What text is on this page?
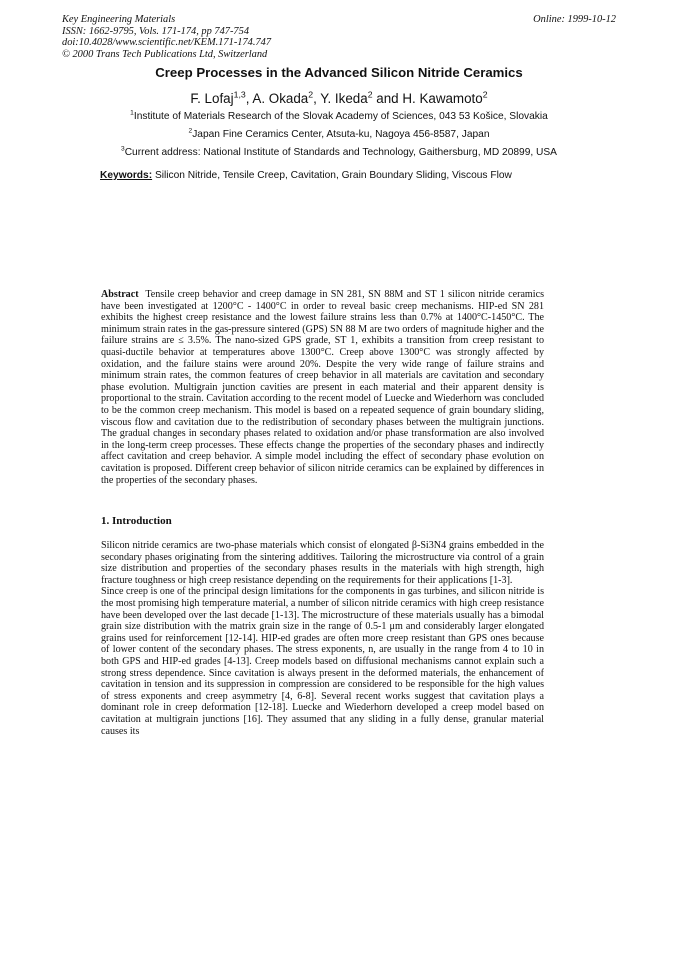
Key Engineering Materials
ISSN: 1662-9795, Vols. 171-174, pp 747-754
doi:10.4028/www.scientific.net/KEM.171-174.747
© 2000 Trans Tech Publications Ltd, Switzerland
Online: 1999-10-12
Creep Processes in the Advanced Silicon Nitride Ceramics
F. Lofaj$^{1,3}$, A. Okada$^2$, Y. Ikeda$^2$ and H. Kawamoto$^2$
$^1$Institute of Materials Research of the Slovak Academy of Sciences, 043 53 Košice, Slovakia
$^2$Japan Fine Ceramics Center, Atsuta-ku, Nagoya 456-8587, Japan
$^3$Current address: National Institute of Standards and Technology, Gaithersburg, MD 20899, USA
Keywords: Silicon Nitride, Tensile Creep, Cavitation, Grain Boundary Sliding, Viscous Flow
Abstract Tensile creep behavior and creep damage in SN 281, SN 88M and ST 1 silicon nitride ceramics have been investigated at 1200°C - 1400°C in order to reveal basic creep mechanisms. HIP-ed SN 281 exhibits the highest creep resistance and the lowest failure strains less than 0.7% at 1400°C-1450°C. The minimum strain rates in the gas-pressure sintered (GPS) SN 88 M are two orders of magnitude higher and the failure strains are ≤ 3.5%. The nano-sized GPS grade, ST 1, exhibits a transition from creep resistant to quasi-ductile behavior at temperatures above 1300°C. Creep above 1300°C was strongly affected by oxidation, and the failure stains were around 20%. Despite the very wide range of failure strains and minimum strain rates, the common features of creep behavior in all materials are cavitation and secondary phase evolution. Multigrain junction cavities are present in each material and their apparent density is proportional to the strain. Cavitation according to the recent model of Luecke and Wiederhorn was concluded to be the common creep mechanism. This model is based on a repeated sequence of grain boundary sliding, viscous flow and cavitation due to the redistribution of secondary phases between the multigrain junctions. The gradual changes in secondary phases related to oxidation and/or phase transformation are also involved in the long-term creep processes. These effects change the properties of the secondary phases and indirectly affect cavitation and creep behavior. A simple model including the effect of secondary phase evolution on cavitation is proposed. Different creep behavior of silicon nitride ceramics can be explained by differences in the properties of the secondary phases.
1. Introduction

Silicon nitride ceramics are two-phase materials which consist of elongated β-Si3N4 grains embedded in the secondary phases originating from the sintering additives. Tailoring the microstructure via control of a grain size distribution and properties of the secondary phases results in the materials with high strength, high fracture toughness or high creep resistance depending on the requirements for their applications [1-3].

Since creep is one of the principal design limitations for the components in gas turbines, and silicon nitride is the most promising high temperature material, a number of silicon nitride ceramics with high creep resistance have been developed over the last decade [1-13]. The microstructure of these materials usually has a bimodal grain size distribution with the matrix grain size in the range of 0.5-1 μm and considerably larger elongated grains used for reinforcement [12-14]. HIP-ed grades are often more creep resistant than GPS ones because of lower content of the secondary phases. The stress exponents, n, are usually in the range from 4 to 10 in both GPS and HIP-ed grades [4-13]. Creep models based on diffusional mechanisms cannot explain such a strong stress dependence. Since cavitation is always present in the deformed materials, the enhancement of cavitation in tension and its suppression in compression are considered to be responsible for the high values of stress exponents and creep asymmetry [4, 6-8]. Several recent works suggest that cavitation plays a dominant role in creep deformation [12-18]. Luecke and Wiederhorn developed a creep model based on cavitation at multigrain junctions [16]. They assumed that any sliding in a fully dense, granular material causes its
